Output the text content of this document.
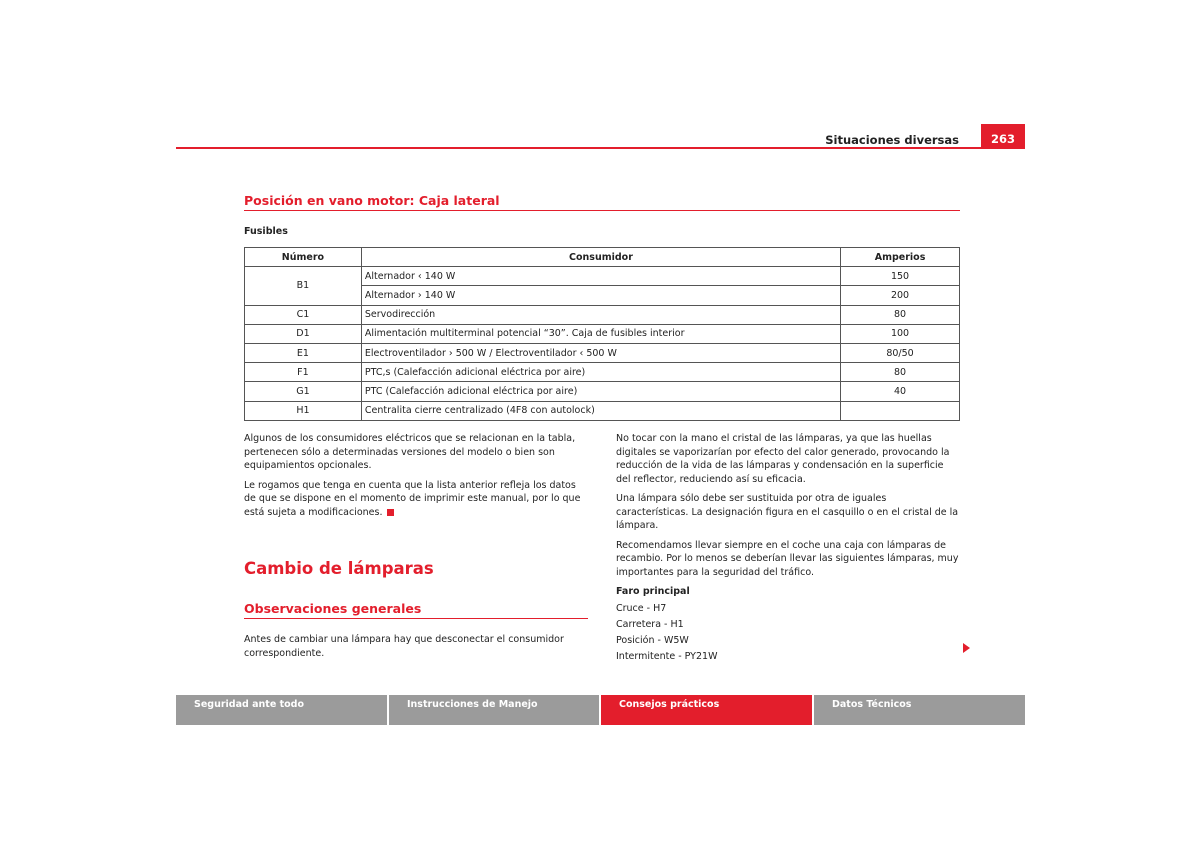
Situaciones diversas	263
Posición en vano motor: Caja lateral
Fusibles
Número	Consumidor	Amperios
B1	Alternador ‹ 140 W	150
	Alternador › 140 W	200
C1	Servodirección	80
D1	Alimentación multiterminal potencial “30”. Caja de fusibles interior	100
E1	Electroventilador › 500 W / Electroventilador ‹ 500 W	80/50
F1	PTC,s (Calefacción adicional eléctrica por aire)	80
G1	PTC (Calefacción adicional eléctrica por aire)	40
H1	Centralita cierre centralizado (4F8 con autolock)	

Algunos de los consumidores eléctricos que se relacionan en la tabla, pertenecen sólo a determinadas versiones del modelo o bien son equipamientos opcionales.

Le rogamos que tenga en cuenta que la lista anterior refleja los datos de que se dispone en el momento de imprimir este manual, por lo que está sujeta a modificaciones.

Cambio de lámparas
Observaciones generales
Antes de cambiar una lámpara hay que desconectar el consumidor correspondiente.

No tocar con la mano el cristal de las lámparas, ya que las huellas digitales se vaporizarían por efecto del calor generado, provocando la reducción de la vida de las lámparas y condensación en la superficie del reflector, reduciendo así su eficacia.

Una lámpara sólo debe ser sustituida por otra de iguales características. La designación figura en el casquillo o en el cristal de la lámpara.

Recomendamos llevar siempre en el coche una caja con lámparas de recambio. Por lo menos se deberían llevar las siguientes lámparas, muy importantes para la seguridad del tráfico.

Faro principal
Cruce - H7
Carretera - H1
Posición - W5W
Intermitente - PY21W
Seguridad ante todo	Instrucciones de Manejo	Consejos prácticos	Datos Técnicos
